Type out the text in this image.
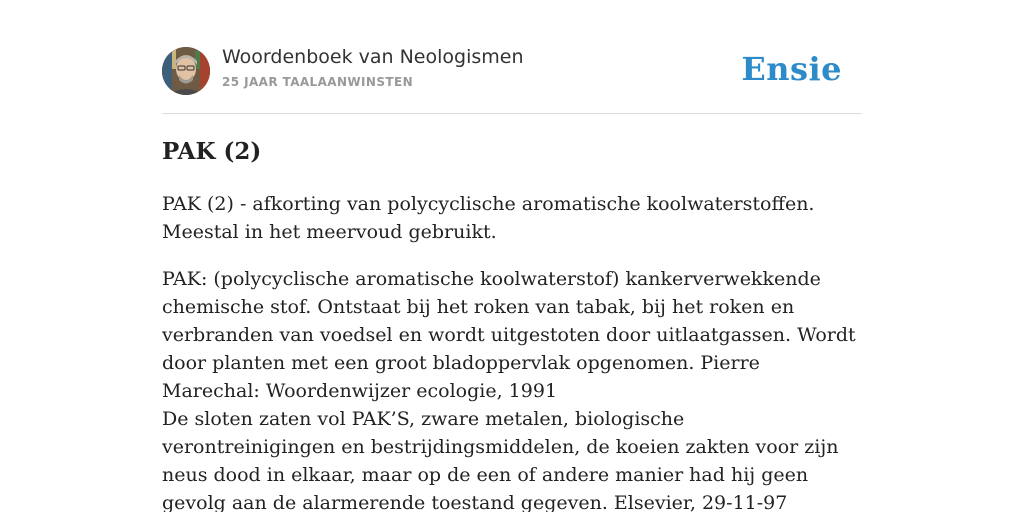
Woordenboek van Neologismen
25 JAAR TAALAANWINSTEN	Ensie
PAK (2)

PAK (2) - afkorting van polycyclische aromatische koolwaterstoffen. Meestal in het meervoud gebruikt.

PAK: (polycyclische aromatische koolwaterstof) kankerverwekkende chemische stof. Ontstaat bij het roken van tabak, bij het roken en verbranden van voedsel en wordt uitgestoten door uitlaatgassen. Wordt door planten met een groot bladoppervlak opgenomen. Pierre Marechal: Woordenwijzer ecologie, 1991

De sloten zaten vol PAK’S, zware metalen, biologische verontreinigingen en bestrijdingsmiddelen, de koeien zakten voor zijn neus dood in elkaar, maar op de een of andere manier had hij geen gevolg aan de alarmerende toestand gegeven. Elsevier, 29-11-97
